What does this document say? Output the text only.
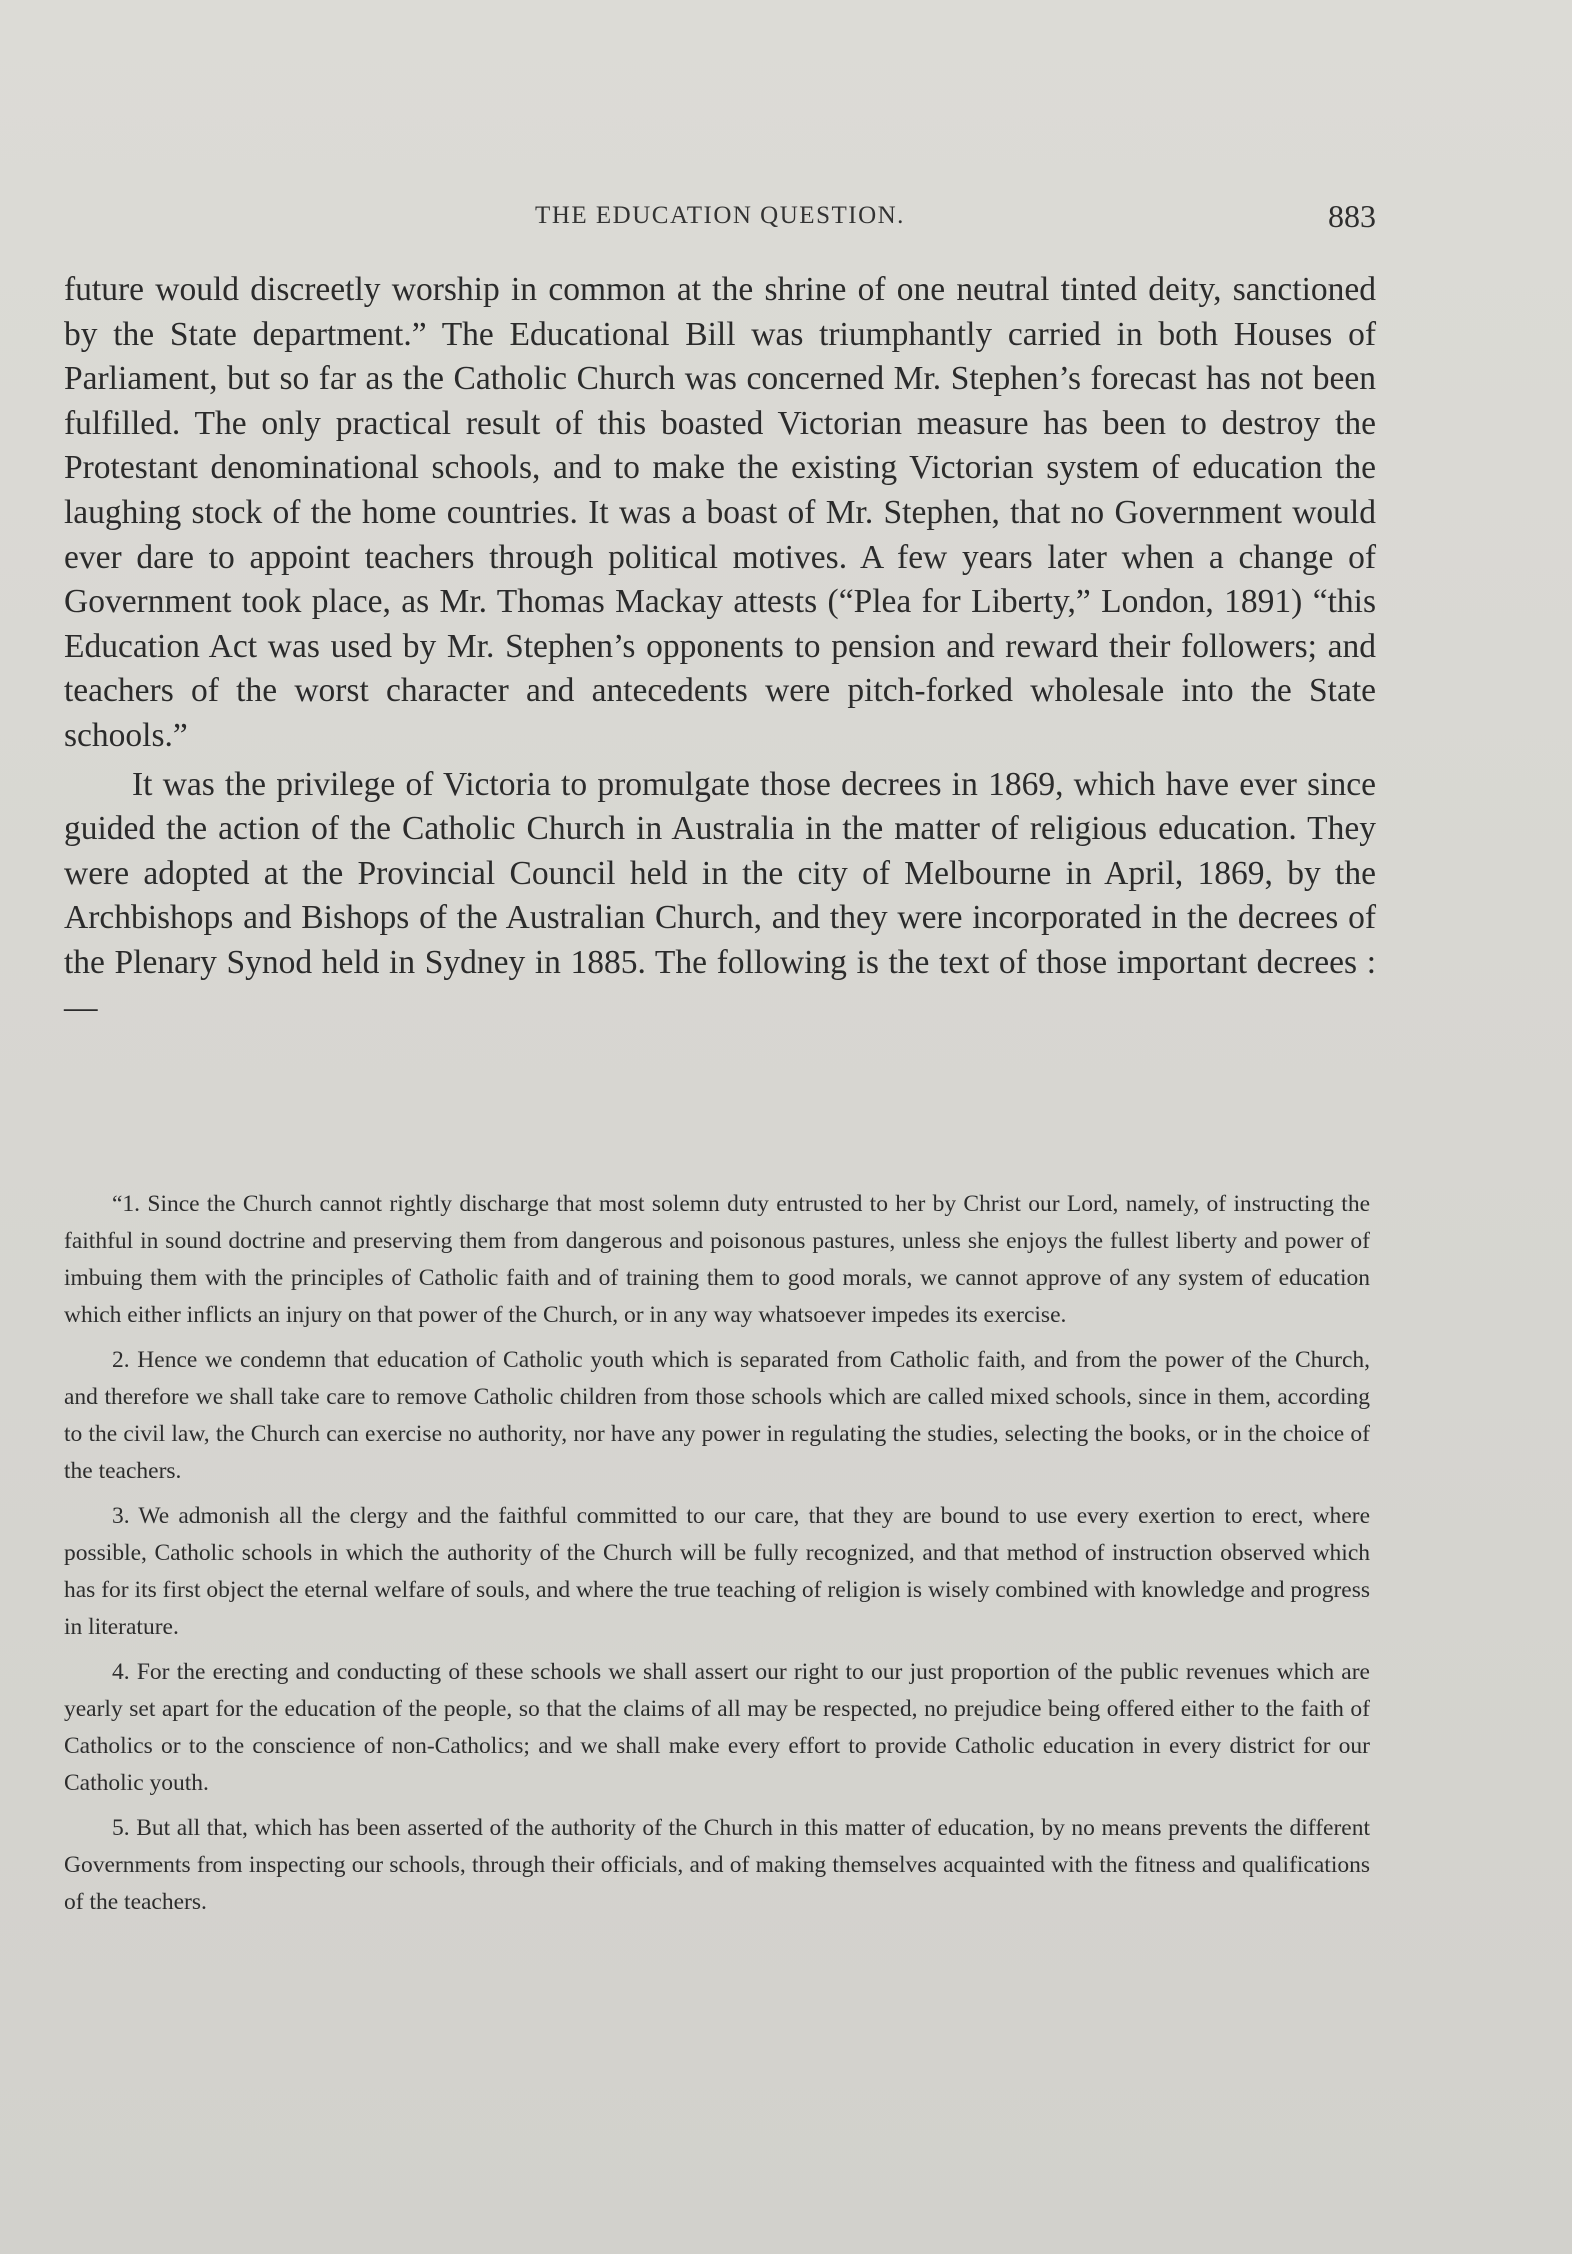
THE EDUCATION QUESTION.	883

future would discreetly worship in common at the shrine of one neutral tinted deity, sanctioned by the State department.” The Educational Bill was triumphantly carried in both Houses of Parliament, but so far as the Catholic Church was concerned Mr. Stephen’s forecast has not been fulfilled. The only practical result of this boasted Victorian measure has been to destroy the Protestant denominational schools, and to make the existing Victorian system of education the laughing stock of the home countries. It was a boast of Mr. Stephen, that no Government would ever dare to appoint teachers through political motives. A few years later when a change of Government took place, as Mr. Thomas Mackay attests (“Plea for Liberty,” London, 1891) “this Education Act was used by Mr. Stephen’s opponents to pension and reward their followers; and teachers of the worst character and antecedents were pitch-forked wholesale into the State schools.”

It was the privilege of Victoria to promulgate those decrees in 1869, which have ever since guided the action of the Catholic Church in Australia in the matter of religious education. They were adopted at the Provincial Council held in the city of Melbourne in April, 1869, by the Archbishops and Bishops of the Australian Church, and they were incorporated in the decrees of the Plenary Synod held in Sydney in 1885. The following is the text of those important decrees :—

“1. Since the Church cannot rightly discharge that most solemn duty entrusted to her by Christ our Lord, namely, of instructing the faithful in sound doctrine and preserving them from dangerous and poisonous pastures, unless she enjoys the fullest liberty and power of imbuing them with the principles of Catholic faith and of training them to good morals, we cannot approve of any system of education which either inflicts an injury on that power of the Church, or in any way whatsoever impedes its exercise.

2. Hence we condemn that education of Catholic youth which is separated from Catholic faith, and from the power of the Church, and therefore we shall take care to remove Catholic children from those schools which are called mixed schools, since in them, according to the civil law, the Church can exercise no authority, nor have any power in regulating the studies, selecting the books, or in the choice of the teachers.

3. We admonish all the clergy and the faithful committed to our care, that they are bound to use every exertion to erect, where possible, Catholic schools in which the authority of the Church will be fully recognized, and that method of instruction observed which has for its first object the eternal welfare of souls, and where the true teaching of religion is wisely combined with knowledge and progress in literature.

4. For the erecting and conducting of these schools we shall assert our right to our just proportion of the public revenues which are yearly set apart for the education of the people, so that the claims of all may be respected, no prejudice being offered either to the faith of Catholics or to the conscience of non-Catholics; and we shall make every effort to provide Catholic education in every district for our Catholic youth.

5. But all that, which has been asserted of the authority of the Church in this matter of education, by no means prevents the different Governments from inspecting our schools, through their officials, and of making themselves acquainted with the fitness and qualifications of the teachers.
